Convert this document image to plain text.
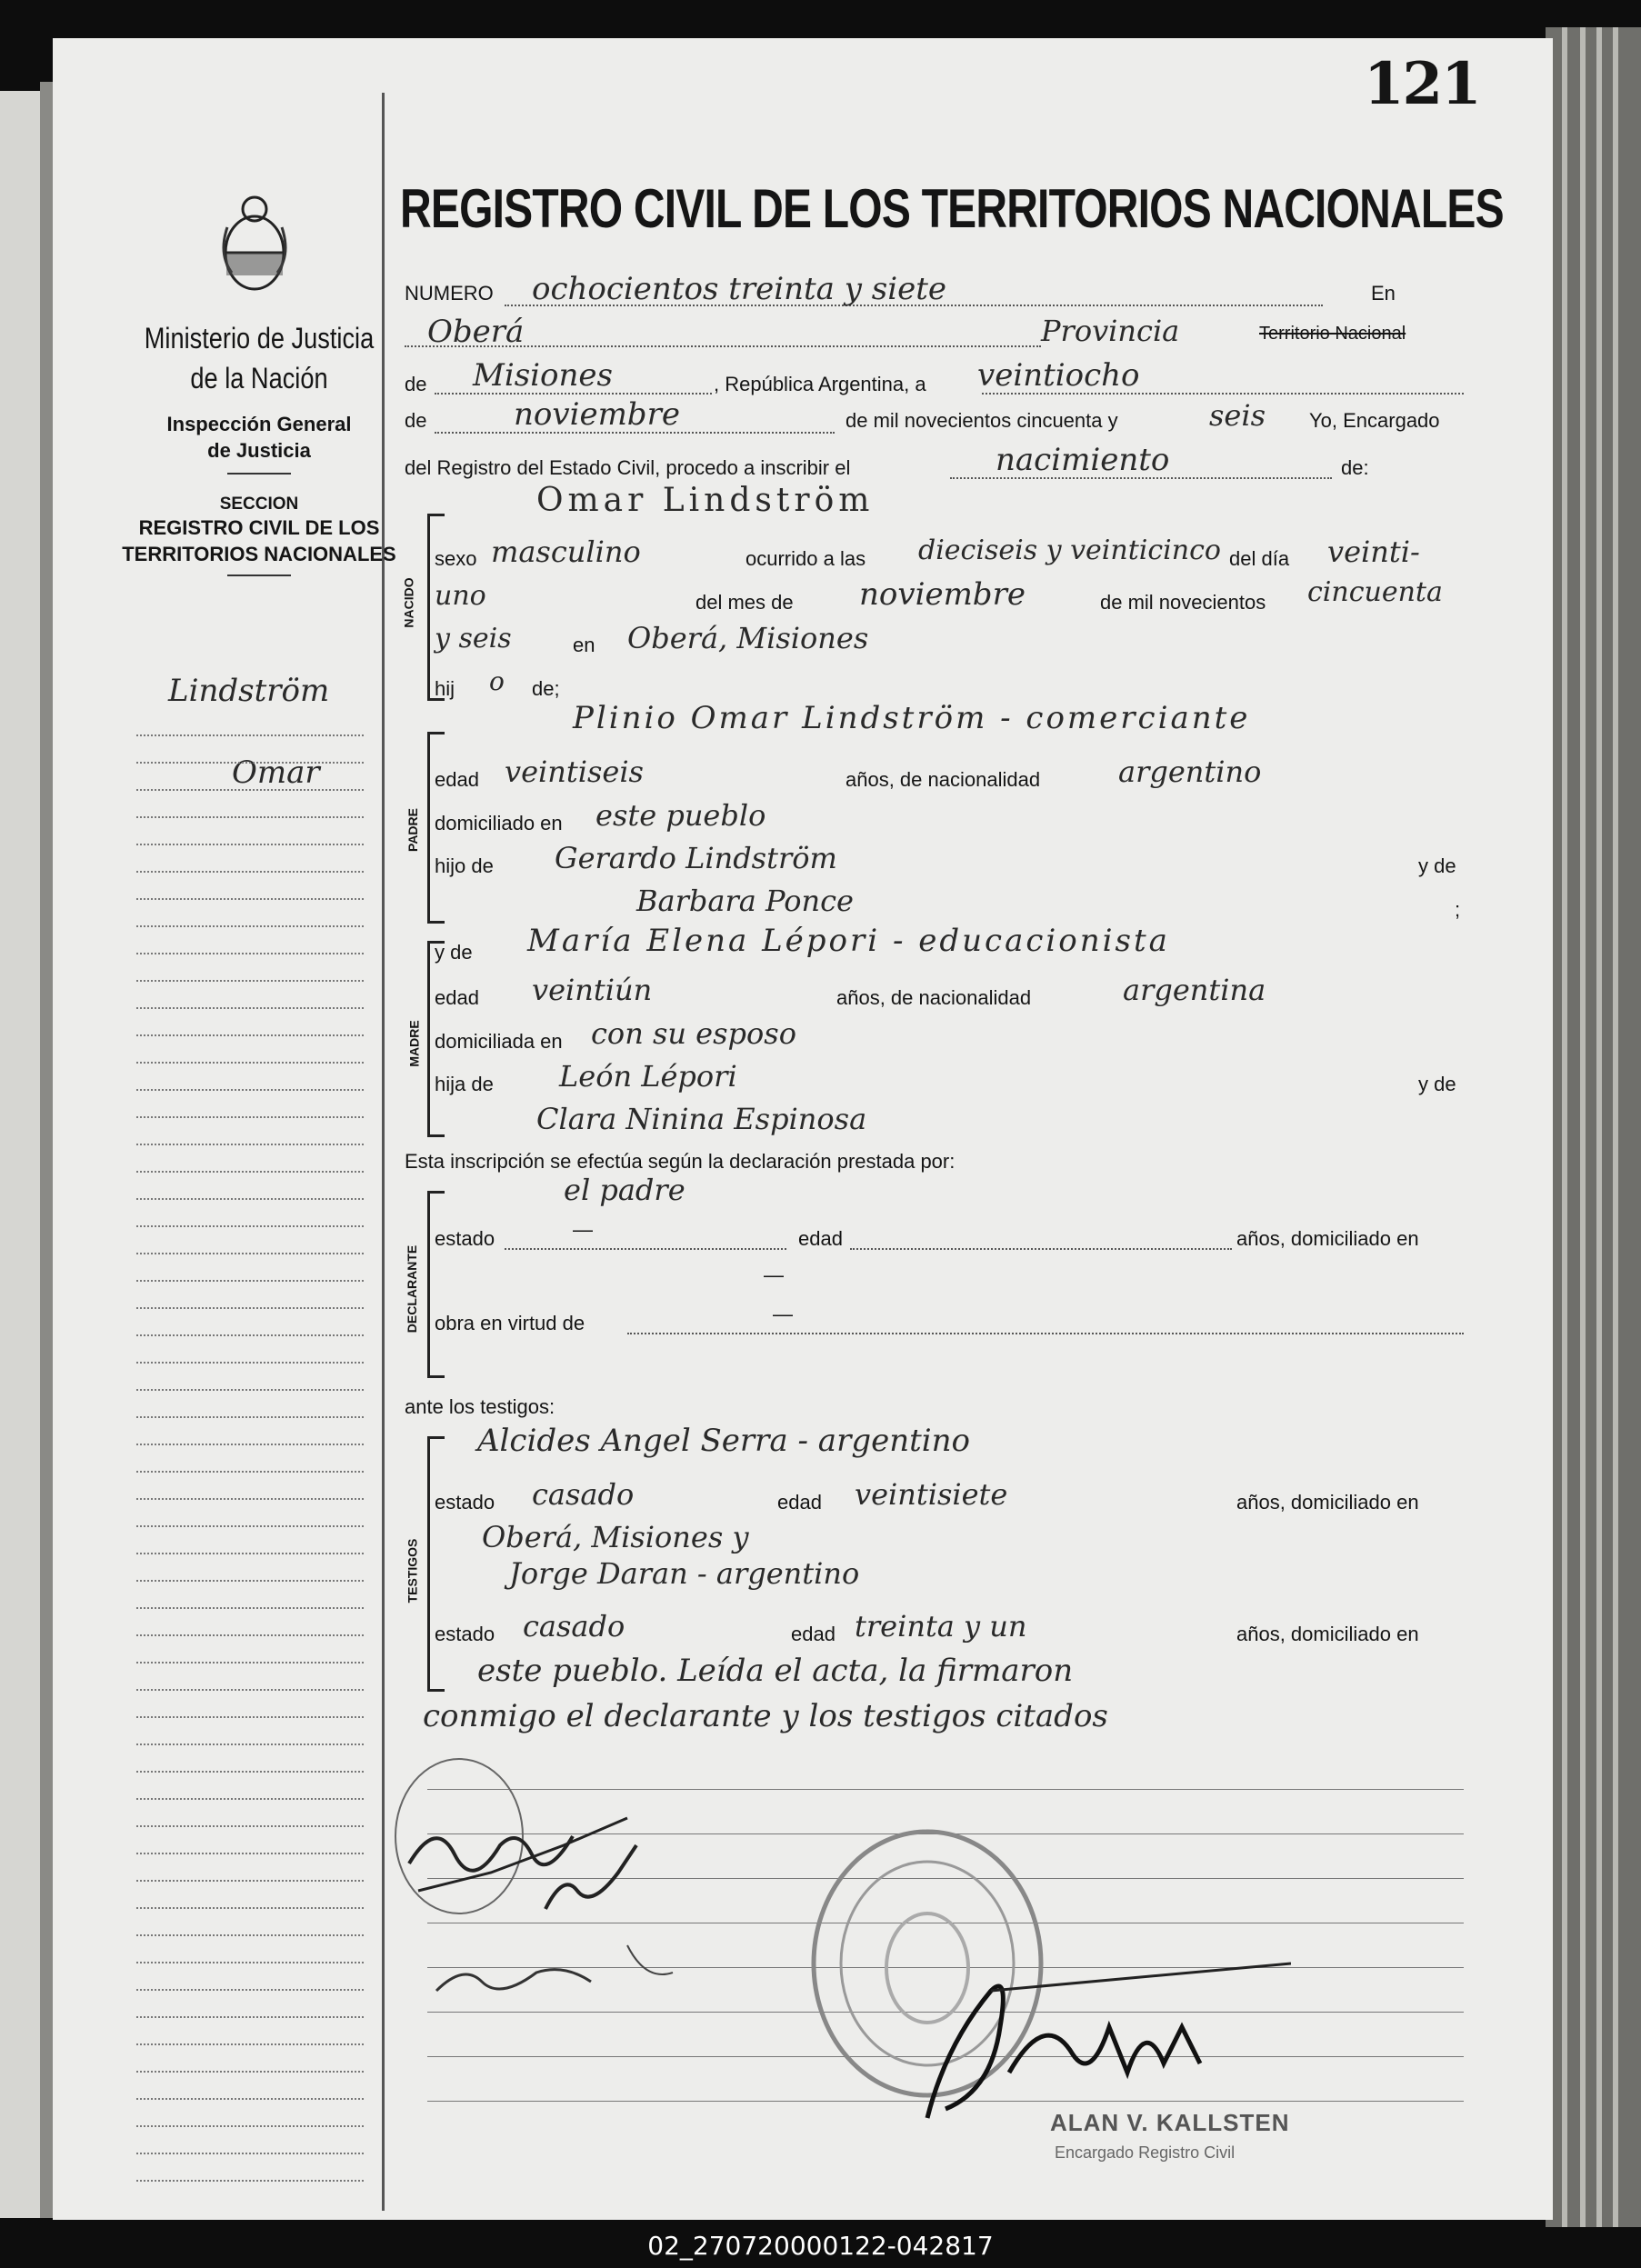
121
REGISTRO CIVIL DE LOS TERRITORIOS NACIONALES
Ministerio de Justicia
de la Nación
Inspección General
de Justicia
SECCION
REGISTRO CIVIL DE LOS
TERRITORIOS NACIONALES
Lindström
Omar
NUMERO ochocientos treinta y siete	En
Oberá	Provincia	Territorio Nacional
de Misiones	, República Argentina, a veintiocho
de	noviembre	de mil novecientos cincuenta y	seis Yo, Encargado
del Registro del Estado Civil, procedo a inscribir el	nacimiento	de:
NACIDO
Omar Lindström
sexo masculino	ocurrido a las dieciseis y veinticinco del día veinti-
uno	del mes de noviembre	de mil novecientos cincuenta
y seis	en Oberá, Misiones
hij o de;
PADRE
Plinio Omar Lindström - comerciante
edad veintiseis	años, de nacionalidad	argentino
domiciliado en este pueblo
hijo de Gerardo Lindström	y de
Barbara Ponce	;
MADRE
y de María Elena Lépori - educacionista
edad veintiún	años, de nacionalidad	argentina
domiciliada en con su esposo
hija de León Lépori	y de
Clara Ninina Espinosa
Esta inscripción se efectúa según la declaración prestada por:
el padre
DECLARANTE
estado	—	edad	años, domiciliado en
—
obra en virtud de	—
ante los testigos:
TESTIGOS
Alcides Angel Serra - argentino
estado casado	edad veintisiete	años, domiciliado en
Oberá, Misiones y
Jorge Daran - argentino
estado casado	edad treinta y un	años, domiciliado en
este pueblo. Leída el acta, la firmaron
conmigo el declarante y los testigos citados
ALAN V. KALLSTEN
Encargado Registro Civil
02_270720000122-042817
